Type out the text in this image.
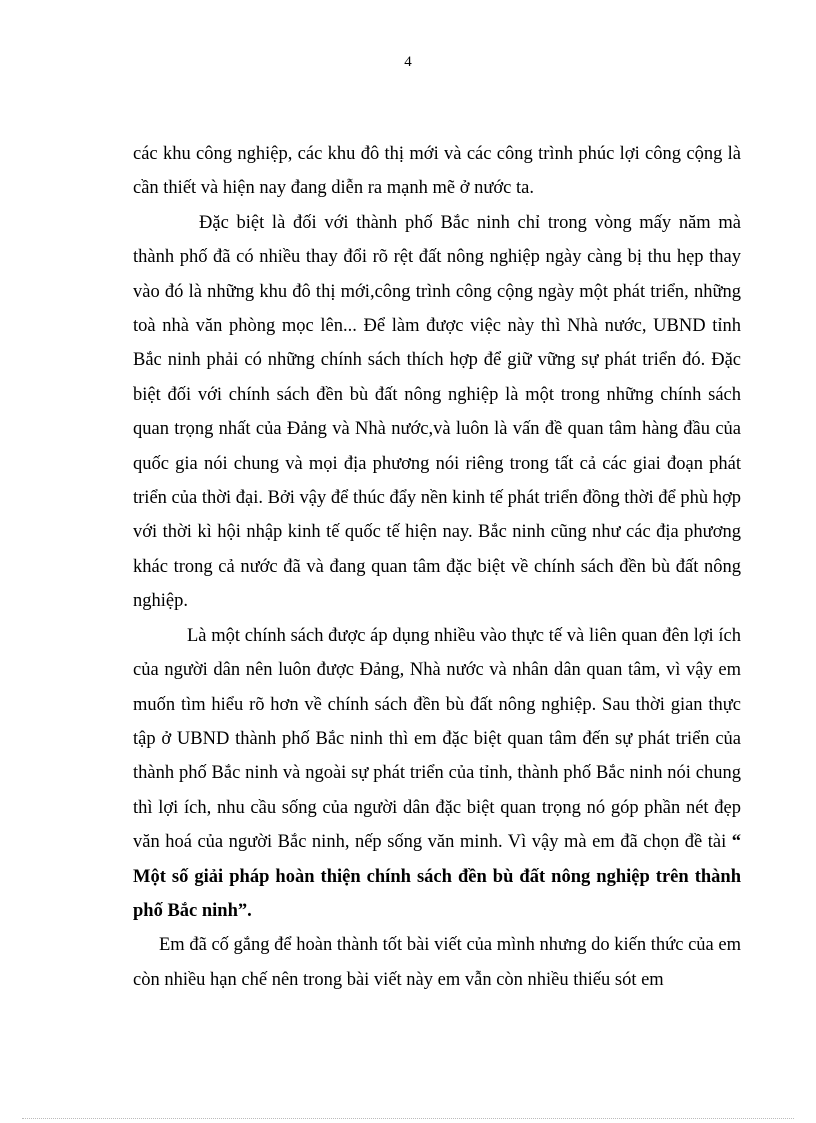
4

các khu công nghiệp, các khu đô thị mới và các công trình phúc lợi công cộng là cần thiết và hiện nay đang diễn ra mạnh mẽ ở nước ta.

Đặc biệt là đối với thành phố Bắc ninh chỉ trong vòng mấy năm mà thành phố đã có nhiều thay đổi rõ rệt đất nông nghiệp ngày càng bị thu hẹp thay vào đó là những khu đô thị mới,công trình công cộng ngày một phát triển, những toà nhà văn phòng mọc lên... Để làm được việc này thì Nhà nước, UBND tỉnh Bắc ninh phải có những chính sách thích hợp để giữ vững sự phát triển đó. Đặc biệt đối với chính sách đền bù đất nông nghiệp là một trong những chính sách quan trọng nhất của Đảng và Nhà nước,và luôn là vấn đề quan tâm hàng đầu của quốc gia nói chung và mọi địa phương nói riêng trong tất cả các giai đoạn phát triển của thời đại. Bởi vậy để thúc đẩy nền kinh tế phát triển đồng thời để phù hợp với thời kì hội nhập kinh tế quốc tế hiện nay. Bắc ninh cũng như các địa phương khác trong cả nước đã và đang quan tâm đặc biệt về chính sách đền bù đất nông nghiệp.

Là một chính sách được áp dụng nhiều vào thực tế và liên quan đên lợi ích của người dân nên luôn được Đảng, Nhà nước và nhân dân quan tâm, vì vậy em muốn tìm hiểu rõ hơn về chính sách đền bù đất nông nghiệp. Sau thời gian thực tập ở UBND thành phố Bắc ninh thì em đặc biệt quan tâm đến sự phát triển của thành phố Bắc ninh và ngoài sự phát triển của tỉnh, thành phố Bắc ninh nói chung thì lợi ích, nhu cầu sống của người dân đặc biệt quan trọng nó góp phần nét đẹp văn hoá của người Bắc ninh, nếp sống văn minh. Vì vậy mà em đã chọn đề tài “ Một số giải pháp hoàn thiện chính sách đền bù đất nông nghiệp trên thành phố Bắc ninh”.

Em đã cố gắng để hoàn thành tốt bài viết của mình nhưng do kiến thức của em còn nhiều hạn chế nên trong bài viết này em vẫn còn nhiều thiếu sót em
